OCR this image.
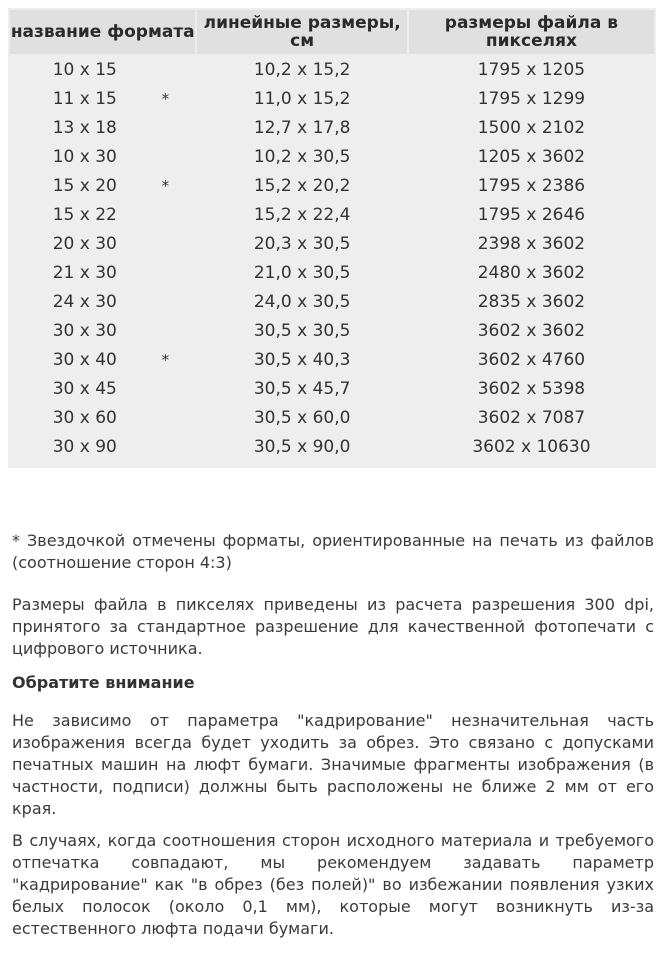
название формата		линейные размеры, см	размеры файла в пикселях
10 x 15		10,2 x 15,2	1795 x 1205
11 x 15	*	11,0 x 15,2	1795 x 1299
13 x 18		12,7 x 17,8	1500 x 2102
10 x 30		10,2 x 30,5	1205 x 3602
15 x 20	*	15,2 x 20,2	1795 x 2386
15 x 22		15,2 x 22,4	1795 x 2646
20 x 30		20,3 x 30,5	2398 x 3602
21 x 30		21,0 x 30,5	2480 x 3602
24 x 30		24,0 x 30,5	2835 x 3602
30 x 30		30,5 x 30,5	3602 x 3602
30 x 40	*	30,5 x 40,3	3602 x 4760
30 x 45		30,5 x 45,7	3602 x 5398
30 x 60		30,5 x 60,0	3602 x 7087
30 x 90		30,5 x 90,0	3602 x 10630

* Звездочкой отмечены форматы, ориентированные на печать из файлов (соотношение сторон 4:3)

Размеры файла в пикселях приведены из расчета разрешения 300 dpi, принятого за стандартное разрешение для качественной фотопечати с цифрового источника.

Обратите внимание

Не зависимо от параметра "кадрирование" незначительная часть изображения всегда будет уходить за обрез. Это связано с допусками печатных машин на люфт бумаги. Значимые фрагменты изображения (в частности, подписи) должны быть расположены не ближе 2 мм от его края.

В случаях, когда соотношения сторон исходного материала и требуемого отпечатка совпадают, мы рекомендуем задавать параметр "кадрирование" как "в обрез (без полей)" во избежании появления узких белых полосок (около 0,1 мм), которые могут возникнуть из-за естественного люфта подачи бумаги.
